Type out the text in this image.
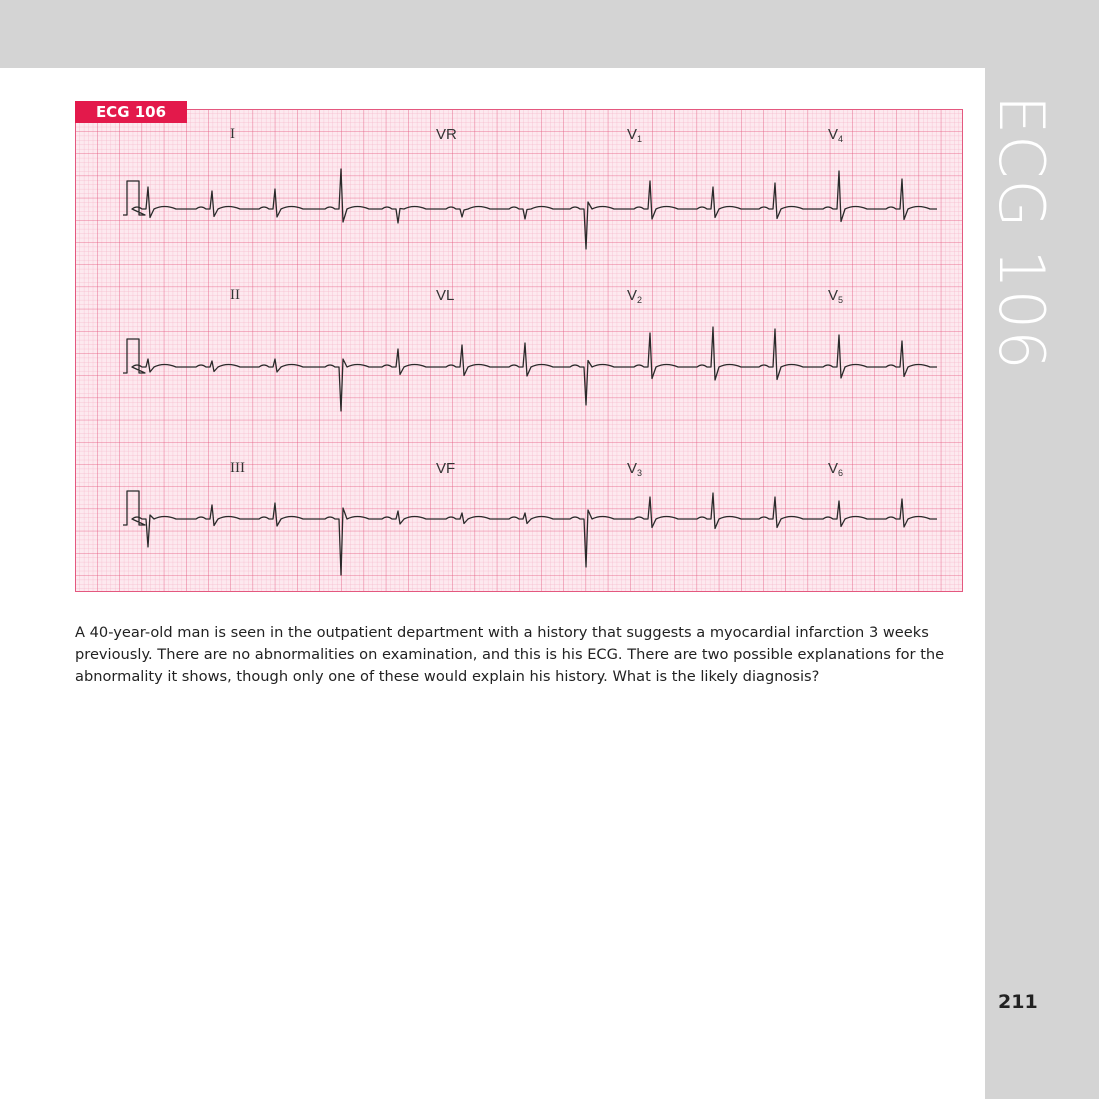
ECG 106
ECG 106
I	VR	$V_1$	$V_4$
II	VL	$V_2$	$V_5$
III	VF	$V_3$	$V_6$

A 40-year-old man is seen in the outpatient department with a history that suggests a myocardial infarction 3 weeks previously. There are no abnormalities on examination, and this is his ECG. There are two possible explanations for the abnormality it shows, though only one of these would explain his history. What is the likely diagnosis?

211
